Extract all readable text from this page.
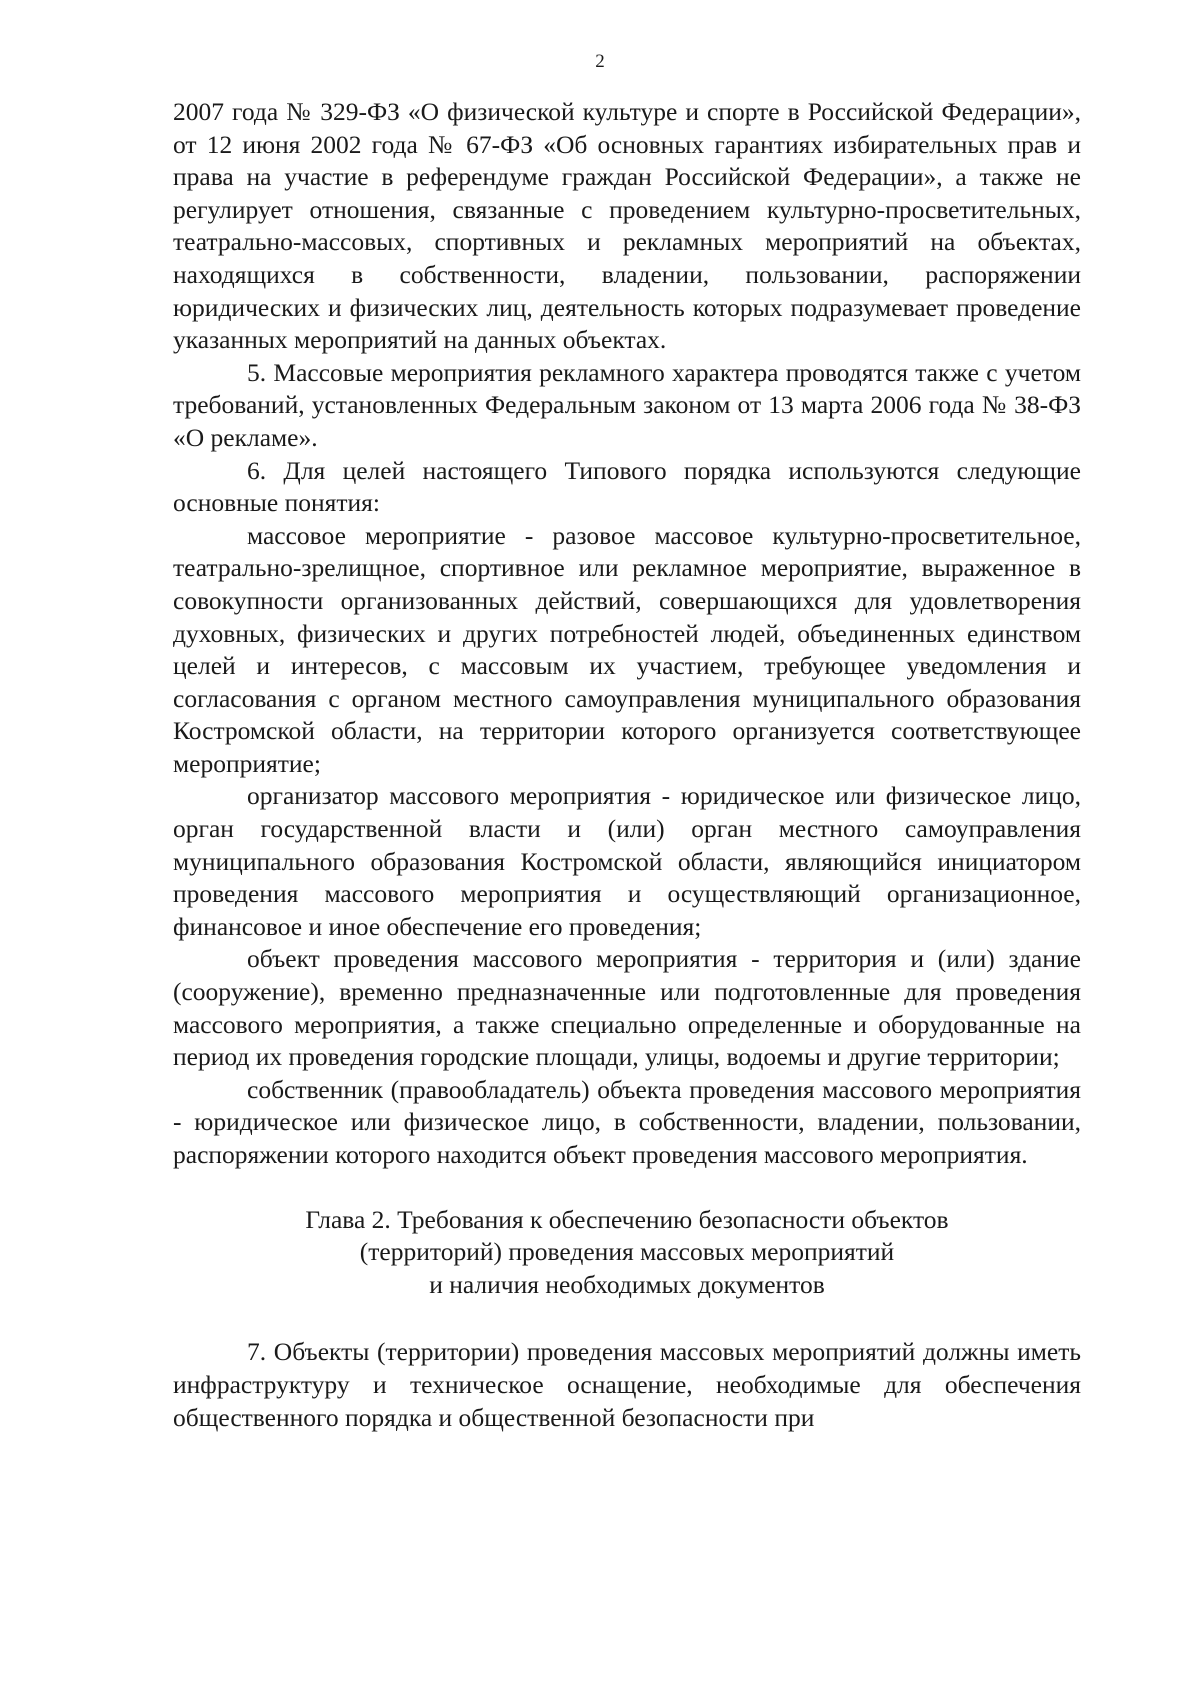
2

2007 года № 329-ФЗ «О физической культуре и спорте в Российской Федерации», от 12 июня 2002 года № 67-ФЗ «Об основных гарантиях избирательных прав и права на участие в референдуме граждан Российской Федерации», а также не регулирует отношения, связанные с проведением культурно-просветительных, театрально-массовых, спортивных и рекламных мероприятий на объектах, находящихся в собственности, владении, пользовании, распоряжении юридических и физических лиц, деятельность которых подразумевает проведение указанных мероприятий на данных объектах.

5. Массовые мероприятия рекламного характера проводятся также с учетом требований, установленных Федеральным законом от 13 марта 2006 года № 38-ФЗ «О рекламе».

6. Для целей настоящего Типового порядка используются следующие основные понятия:

массовое мероприятие - разовое массовое культурно-просветительное, театрально-зрелищное, спортивное или рекламное мероприятие, выраженное в совокупности организованных действий, совершающихся для удовлетворения духовных, физических и других потребностей людей, объединенных единством целей и интересов, с массовым их участием, требующее уведомления и согласования с органом местного самоуправления муниципального образования Костромской области, на территории которого организуется соответствующее мероприятие;

организатор массового мероприятия - юридическое или физическое лицо, орган государственной власти и (или) орган местного самоуправления муниципального образования Костромской области, являющийся инициатором проведения массового мероприятия и осуществляющий организационное, финансовое и иное обеспечение его проведения;

объект проведения массового мероприятия - территория и (или) здание (сооружение), временно предназначенные или подготовленные для проведения массового мероприятия, а также специально определенные и оборудованные на период их проведения городские площади, улицы, водоемы и другие территории;

собственник (правообладатель) объекта проведения массового мероприятия - юридическое или физическое лицо, в собственности, владении, пользовании, распоряжении которого находится объект проведения массового мероприятия.

Глава 2. Требования к обеспечению безопасности объектов
(территорий) проведения массовых мероприятий
и наличия необходимых документов

7. Объекты (территории) проведения массовых мероприятий должны иметь инфраструктуру и техническое оснащение, необходимые для обеспечения общественного порядка и общественной безопасности при
